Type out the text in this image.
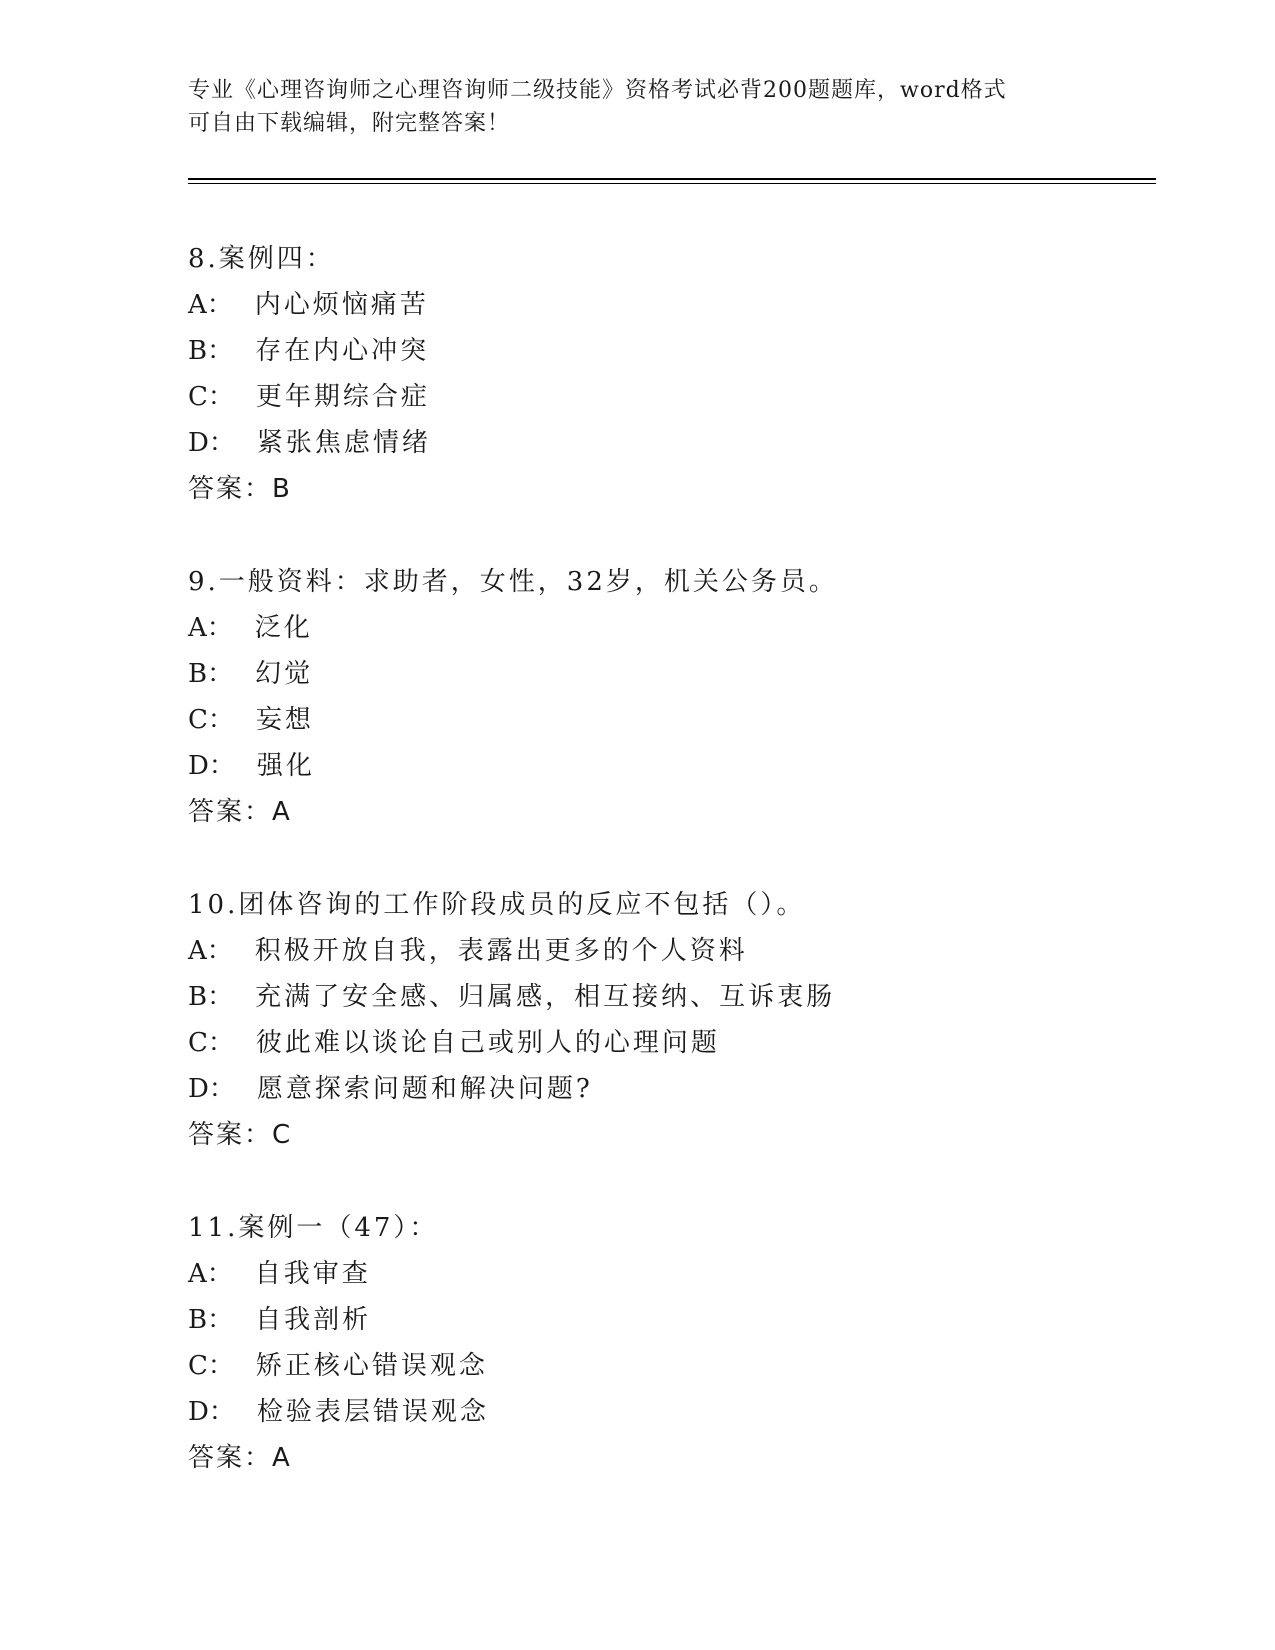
专业《心理咨询师之心理咨询师二级技能》资格考试必背200题题库，word格式
可自由下载编辑，附完整答案！
8.案例四：
A： 内心烦恼痛苦
B： 存在内心冲突
C： 更年期综合症
D： 紧张焦虑情绪
答案：B
9.一般资料：求助者，女性，32岁，机关公务员。
A： 泛化
B： 幻觉
C： 妄想
D： 强化
答案：A
10.团体咨询的工作阶段成员的反应不包括（）。
A： 积极开放自我，表露出更多的个人资料
B： 充满了安全感、归属感，相互接纳、互诉衷肠
C： 彼此难以谈论自己或别人的心理问题
D： 愿意探索问题和解决问题?
答案：C
11.案例一（47）：
A： 自我审查
B： 自我剖析
C： 矫正核心错误观念
D： 检验表层错误观念
答案：A
